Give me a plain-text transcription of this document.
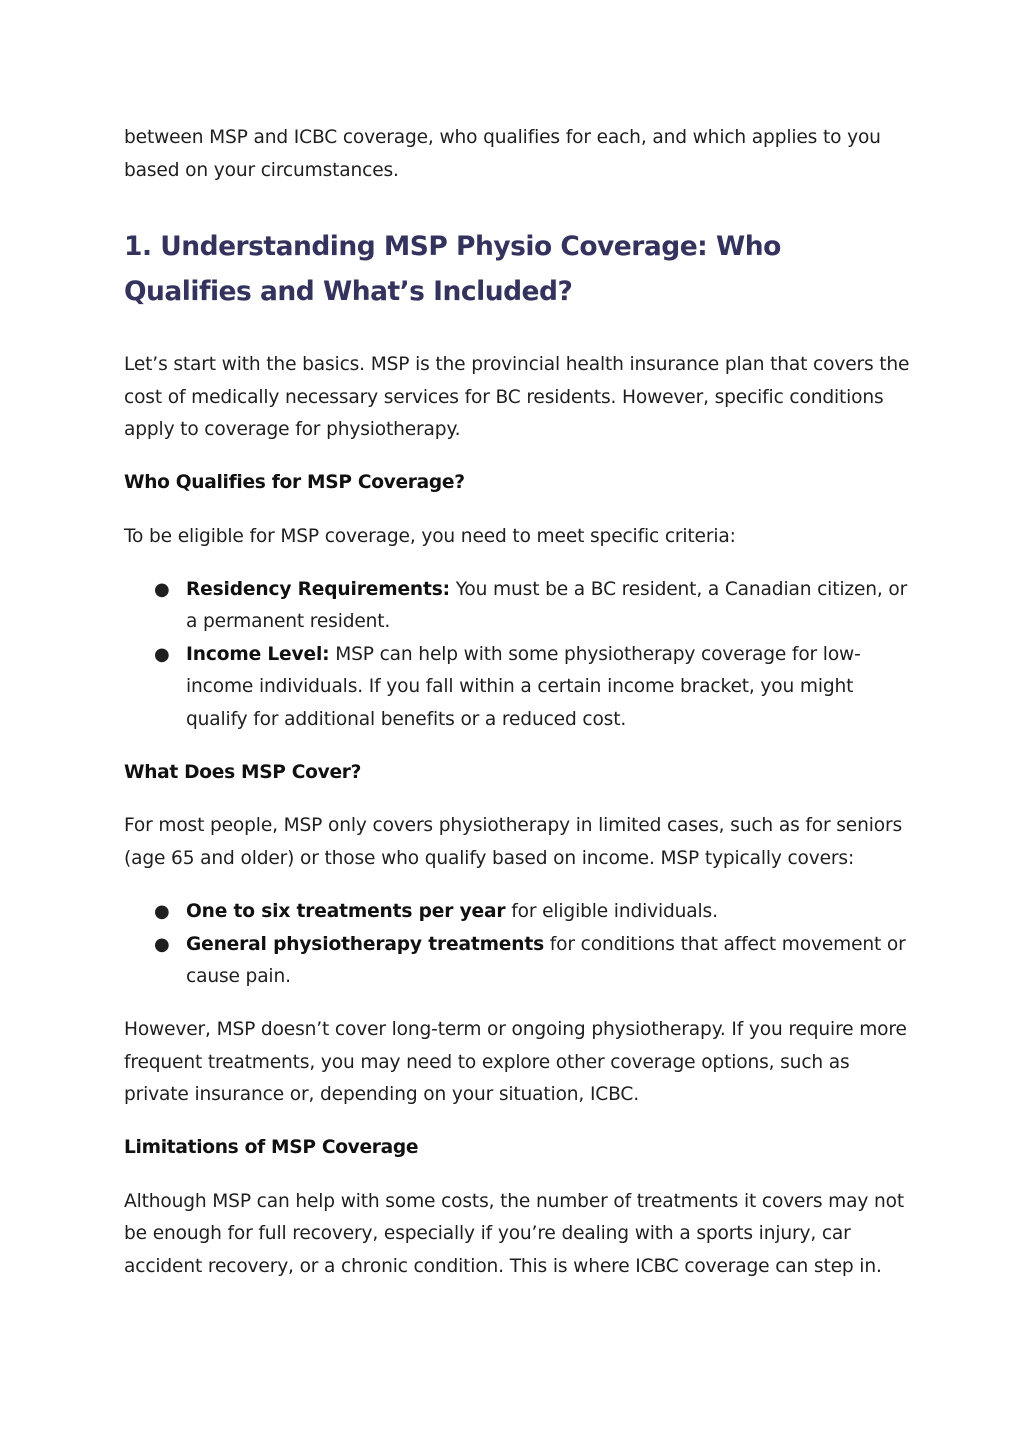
between MSP and ICBC coverage, who qualifies for each, and which applies to you based on your circumstances.

1. Understanding MSP Physio Coverage: Who Qualifies and What’s Included?

Let’s start with the basics. MSP is the provincial health insurance plan that covers the cost of medically necessary services for BC residents. However, specific conditions apply to coverage for physiotherapy.

Who Qualifies for MSP Coverage?

To be eligible for MSP coverage, you need to meet specific criteria:

● Residency Requirements: You must be a BC resident, a Canadian citizen, or a permanent resident.
● Income Level: MSP can help with some physiotherapy coverage for low-income individuals. If you fall within a certain income bracket, you might qualify for additional benefits or a reduced cost.
What Does MSP Cover?

For most people, MSP only covers physiotherapy in limited cases, such as for seniors (age 65 and older) or those who qualify based on income. MSP typically covers:

● One to six treatments per year for eligible individuals.
● General physiotherapy treatments for conditions that affect movement or cause pain.

However, MSP doesn’t cover long-term or ongoing physiotherapy. If you require more frequent treatments, you may need to explore other coverage options, such as private insurance or, depending on your situation, ICBC.

Limitations of MSP Coverage

Although MSP can help with some costs, the number of treatments it covers may not be enough for full recovery, especially if you’re dealing with a sports injury, car accident recovery, or a chronic condition. This is where ICBC coverage can step in.
